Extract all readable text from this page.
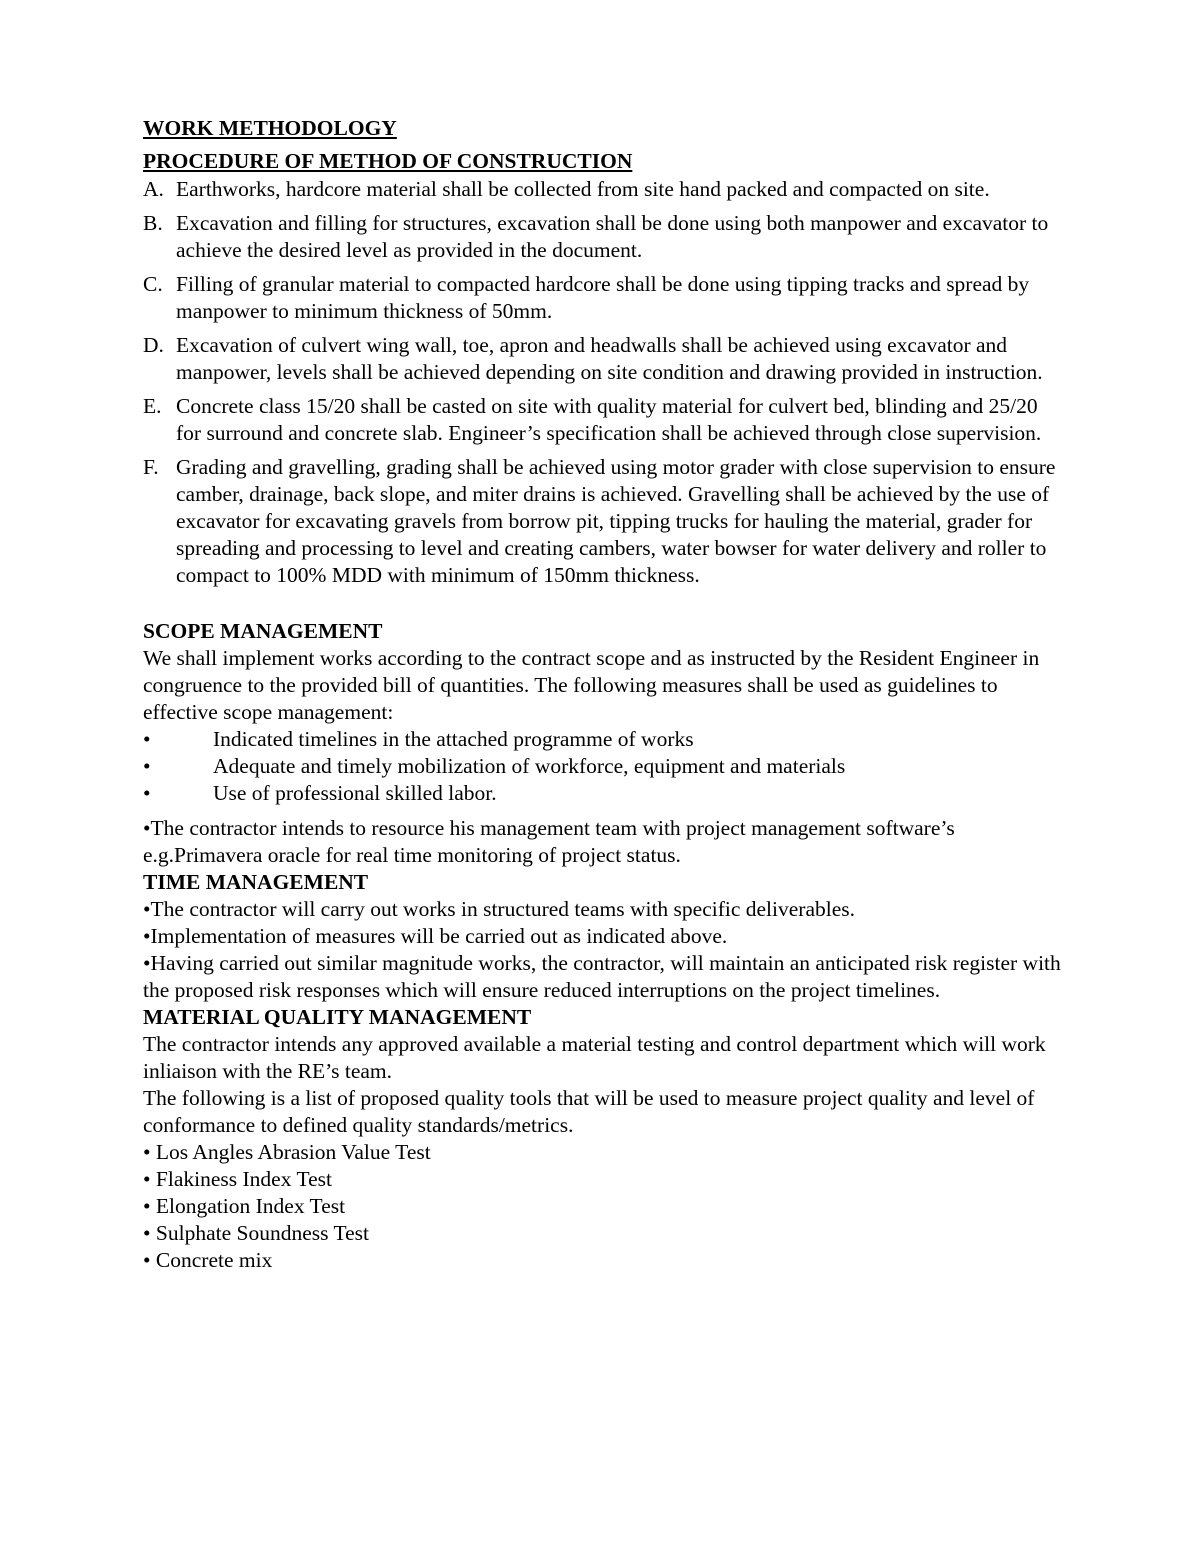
WORK METHODOLOGY
PROCEDURE OF METHOD OF CONSTRUCTION
A. Earthworks, hardcore material shall be collected from site hand packed and compacted on site.
B. Excavation and filling for structures, excavation shall be done using both manpower and excavator to achieve the desired level as provided in the document.
C. Filling of granular material to compacted hardcore shall be done using tipping tracks and spread by manpower to minimum thickness of 50mm.
D. Excavation of culvert wing wall, toe, apron and headwalls shall be achieved using excavator and manpower, levels shall be achieved depending on site condition and drawing provided in instruction.
E. Concrete class 15/20 shall be casted on site with quality material for culvert bed, blinding and 25/20 for surround and concrete slab. Engineer’s specification shall be achieved through close supervision.
F. Grading and gravelling, grading shall be achieved using motor grader with close supervision to ensure camber, drainage, back slope, and miter drains is achieved. Gravelling shall be achieved by the use of excavator for excavating gravels from borrow pit, tipping trucks for hauling the material, grader for spreading and processing to level and creating cambers, water bowser for water delivery and roller to compact to 100% MDD with minimum of 150mm thickness.
SCOPE MANAGEMENT

We shall implement works according to the contract scope and as instructed by the Resident Engineer in congruence to the provided bill of quantities. The following measures shall be used as guidelines to effective scope management:

•	Indicated timelines in the attached programme of works
•	Adequate and timely mobilization of workforce, equipment and materials
•	Use of professional skilled labor.

•The contractor intends to resource his management team with project management software’s e.g.Primavera oracle for real time monitoring of project status.

TIME MANAGEMENT

•The contractor will carry out works in structured teams with specific deliverables.

•Implementation of measures will be carried out as indicated above.

•Having carried out similar magnitude works, the contractor, will maintain an anticipated risk register with the proposed risk responses which will ensure reduced interruptions on the project timelines.

MATERIAL QUALITY MANAGEMENT

The contractor intends any approved available a material testing and control department which will work inliaison with the RE’s team.

The following is a list of proposed quality tools that will be used to measure project quality and level of conformance to defined quality standards/metrics.

• Los Angles Abrasion Value Test

• Flakiness Index Test

• Elongation Index Test

• Sulphate Soundness Test

• Concrete mix
